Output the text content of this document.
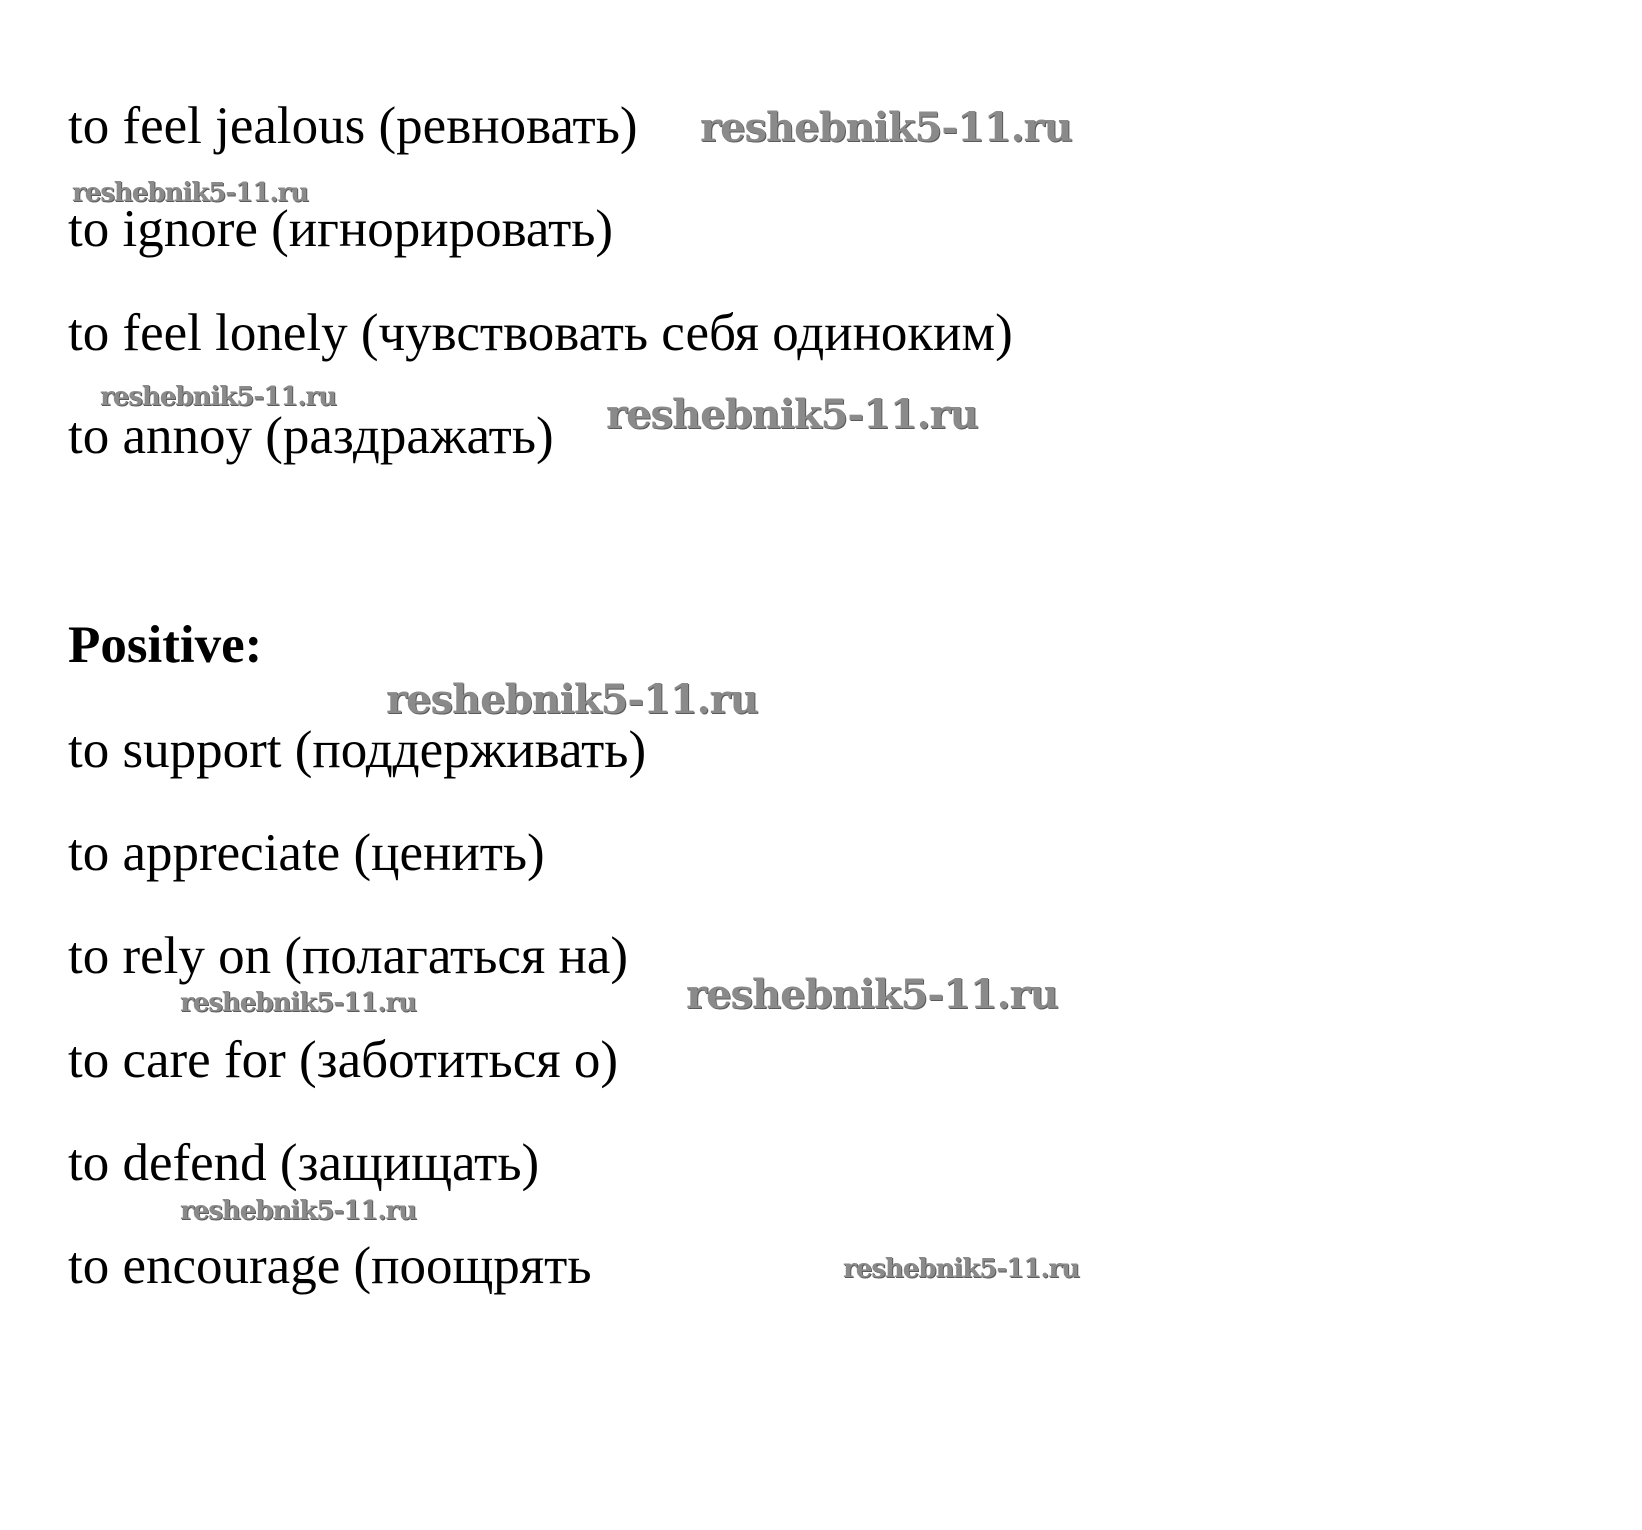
to feel jealous (ревновать)
to ignore (игнорировать)
to feel lonely (чувствовать себя одиноким)
to annoy (раздражать)
Positive:
to support (поддерживать)
to appreciate (ценить)
to rely on (полагаться на)
to care for (заботиться о)
to defend (защищать)
to encourage (поощрять
reshebnik5-11.ru
reshebnik5-11.ru
reshebnik5-11.ru	reshebnik5-11.ru
reshebnik5-11.ru
reshebnik5-11.ru
reshebnik5-11.ru
reshebnik5-11.ru
reshebnik5-11.ru
